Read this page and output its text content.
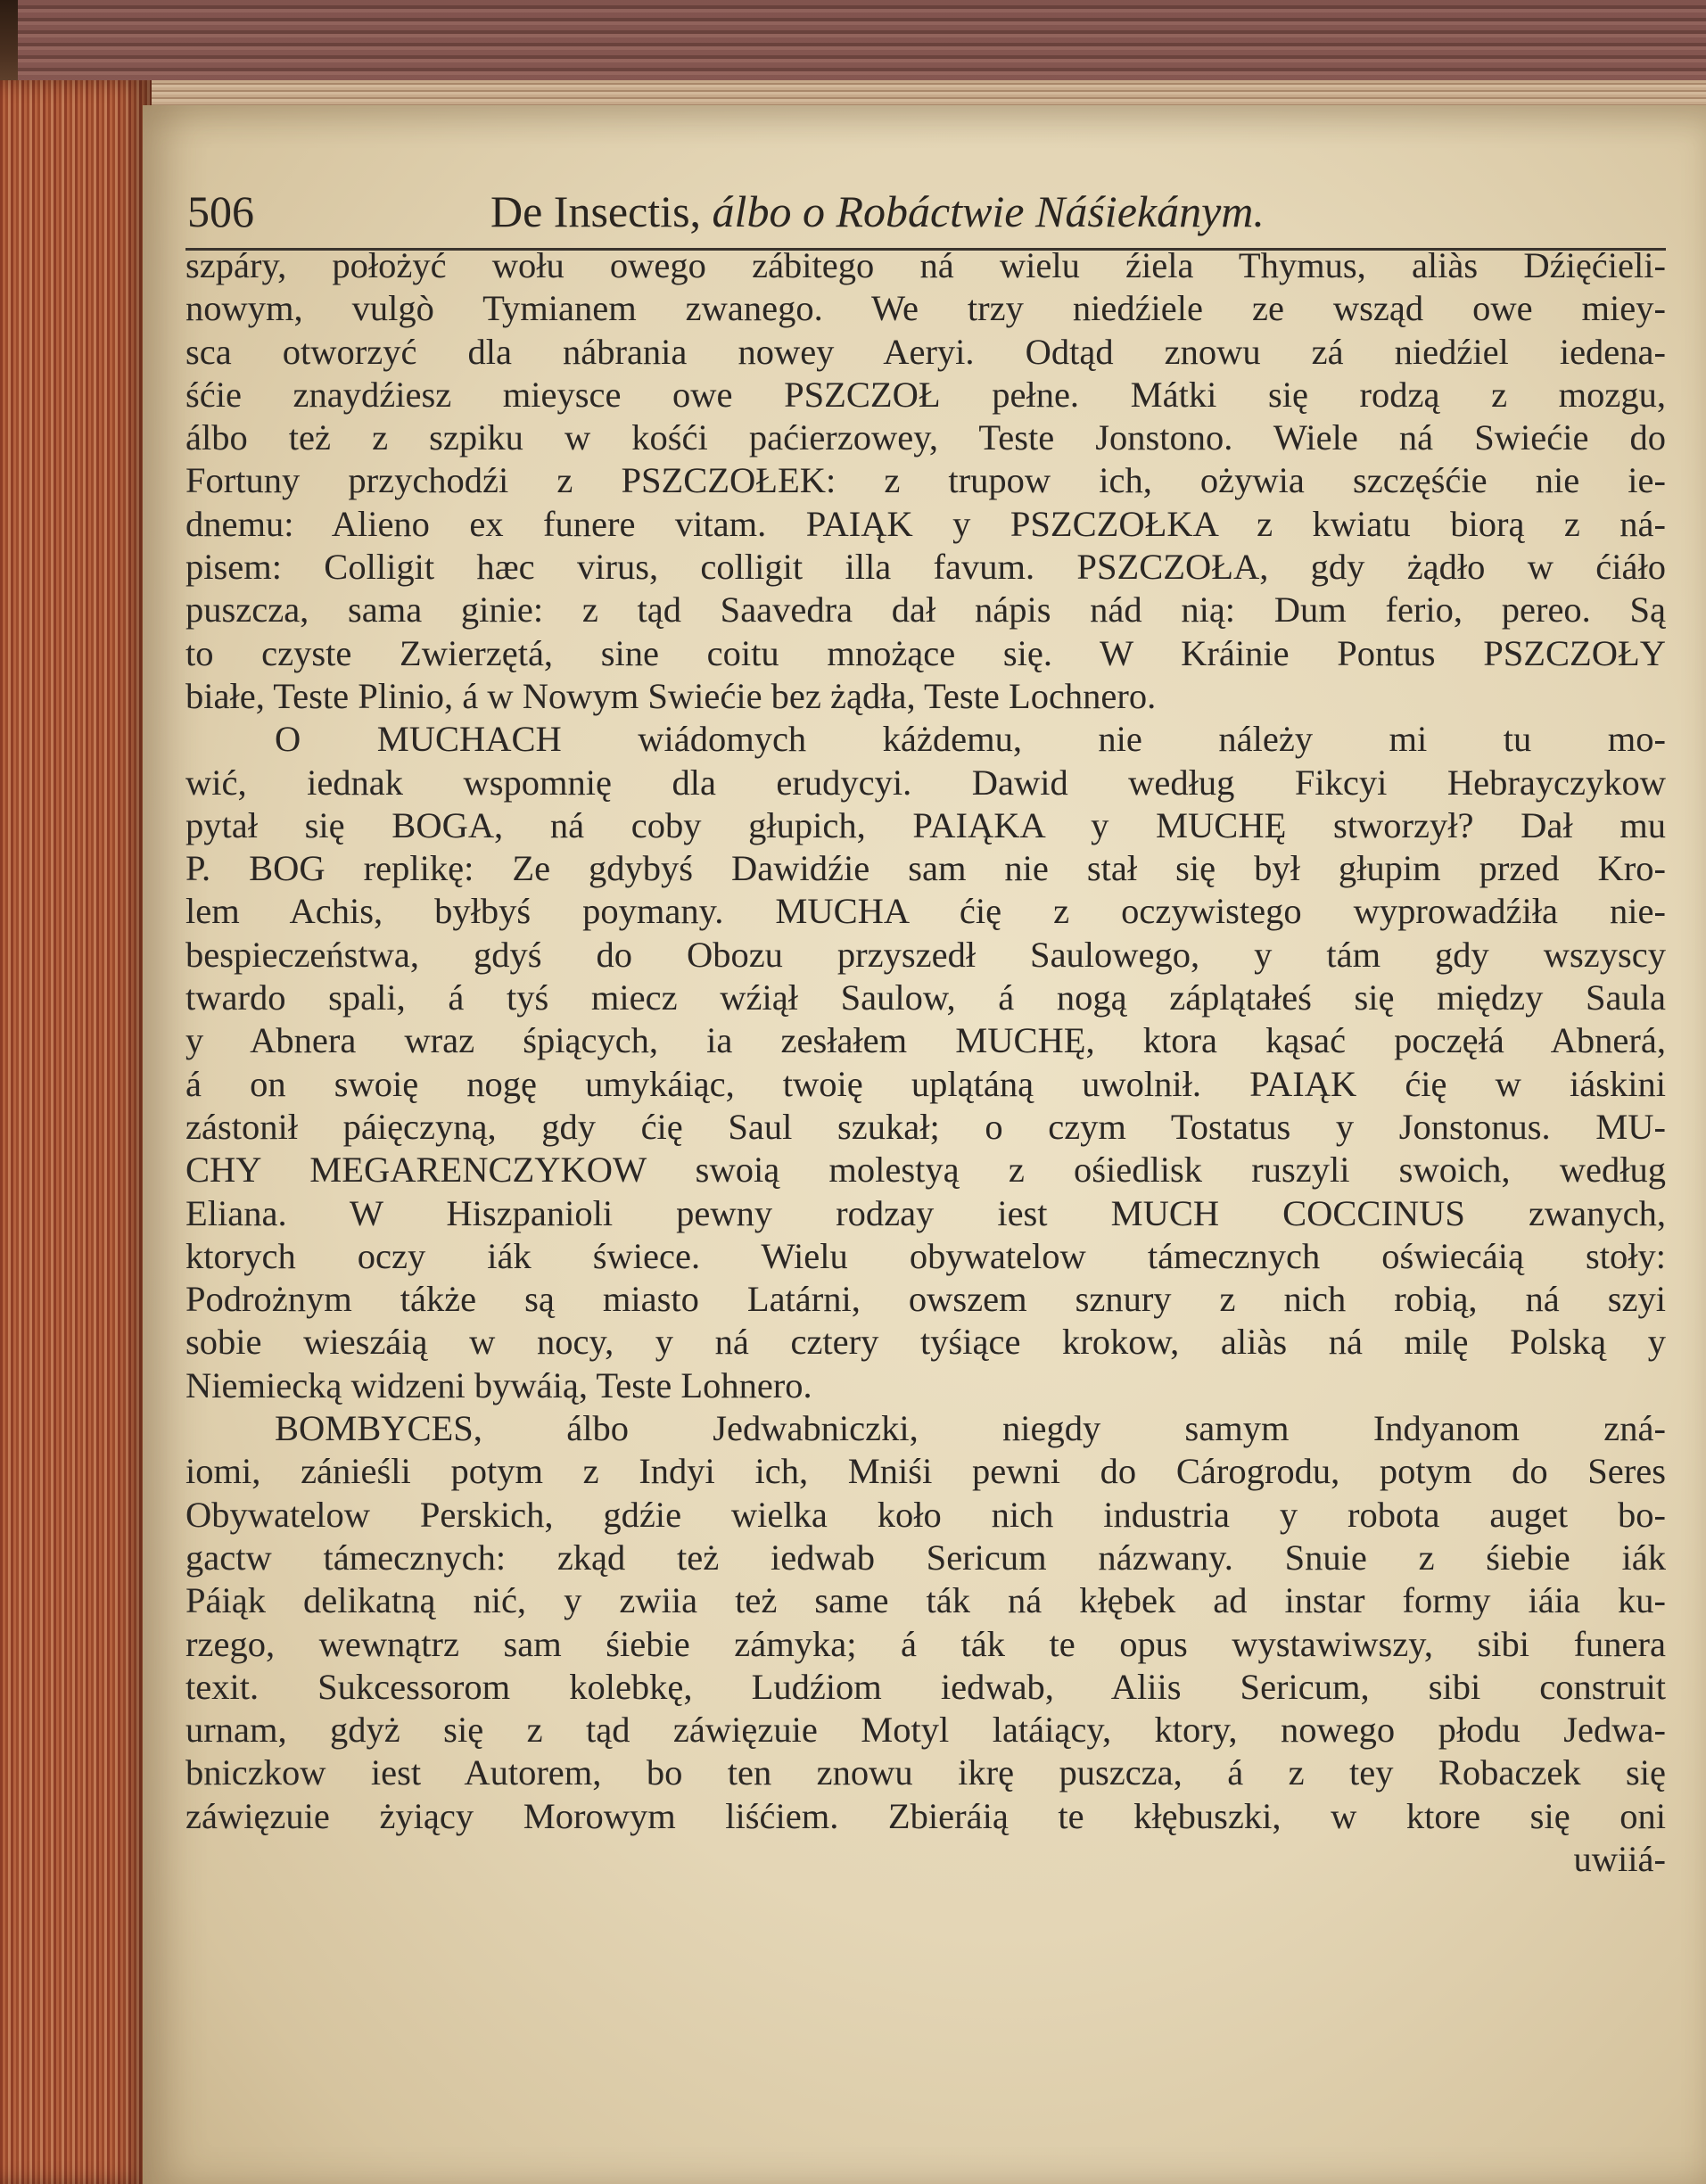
506	De Insectis, álbo o Robáctwie Náśiekánym.
szpáry, położyć wołu owego zábitego ná wielu źiela Thymus, aliàs Dźięćieli-
nowym, vulgò Tymianem zwanego. We trzy niedźiele ze wsząd owe miey-
sca otworzyć dla nábrania nowey Aeryi. Odtąd znowu zá niedźiel iedena-
śćie znaydźiesz mieysce owe PSZCZOŁ pełne. Mátki się rodzą z mozgu,
álbo też z szpiku w kośći paćierzowey, Teste Jonstono. Wiele ná Swiećie do
Fortuny przychodźi z PSZCZOŁEK: z trupow ich, ożywia szczęśćie nie ie-
dnemu: Alieno ex funere vitam. PAIĄK y PSZCZOŁKA z kwiatu biorą z ná-
pisem: Colligit hæc virus, colligit illa favum. PSZCZOŁA, gdy żądło w ćiáło
puszcza, sama ginie: z tąd Saavedra dał nápis nád nią: Dum ferio, pereo. Są
to czyste Zwierzętá, sine coitu mnożące się. W Kráinie Pontus PSZCZOŁY
białe, Teste Plinio, á w Nowym Swiećie bez żądła, Teste Lochnero.
O MUCHACH wiádomych káżdemu, nie náleży mi tu mo-
wić, iednak wspomnię dla erudycyi. Dawid według Fikcyi Hebrayczykow
pytał się BOGA, ná coby głupich, PAIĄKA y MUCHĘ stworzył? Dał mu
P. BOG replikę: Ze gdybyś Dawidźie sam nie stał się był głupim przed Kro-
lem Achis, byłbyś poymany. MUCHA ćię z oczywistego wyprowadźiła nie-
bespieczeństwa, gdyś do Obozu przyszedł Saulowego, y tám gdy wszyscy
twardo spali, á tyś miecz wźiął Saulow, á nogą záplątałeś się między Saula
y Abnera wraz śpiących, ia zesłałem MUCHĘ, ktora kąsać poczęłá Abnerá,
á on swoię nogę umykáiąc, twoię uplątáną uwolnił. PAIĄK ćię w iáskini
zástonił páięczyną, gdy ćię Saul szukał; o czym Tostatus y Jonstonus. MU-
CHY MEGARENCZYKOW swoią molestyą z ośiedlisk ruszyli swoich, według
Eliana. W Hiszpanioli pewny rodzay iest MUCH COCCINUS zwanych,
ktorych oczy iák świece. Wielu obywatelow támecznych oświecáią stoły:
Podrożnym tákże są miasto Latárni, owszem sznury z nich robią, ná szyi
sobie wieszáią w nocy, y ná cztery tyśiące krokow, aliàs ná milę Polską y
Niemiecką widzeni bywáią, Teste Lohnero.
BOMBYCES, álbo Jedwabniczki, niegdy samym Indyanom zná-
iomi, zánieśli potym z Indyi ich, Mniśi pewni do Cárogrodu, potym do Seres
Obywatelow Perskich, gdźie wielka koło nich industria y robota auget bo-
gactw támecznych: zkąd też iedwab Sericum názwany. Snuie z śiebie iák
Páiąk delikatną nić, y zwiia też same ták ná kłębek ad instar formy iáia ku-
rzego, wewnątrz sam śiebie zámyka; á ták te opus wystawiwszy, sibi funera
texit. Sukcessorom kolebkę, Ludźiom iedwab, Aliis Sericum, sibi construit
urnam, gdyż się z tąd záwięzuie Motyl latáiący, ktory, nowego płodu Jedwa-
bniczkow iest Autorem, bo ten znowu ikrę puszcza, á z tey Robaczek się
záwięzuie żyiący Morowym liśćiem. Zbieráią te kłębuszki, w ktore się oni
uwiiá-
